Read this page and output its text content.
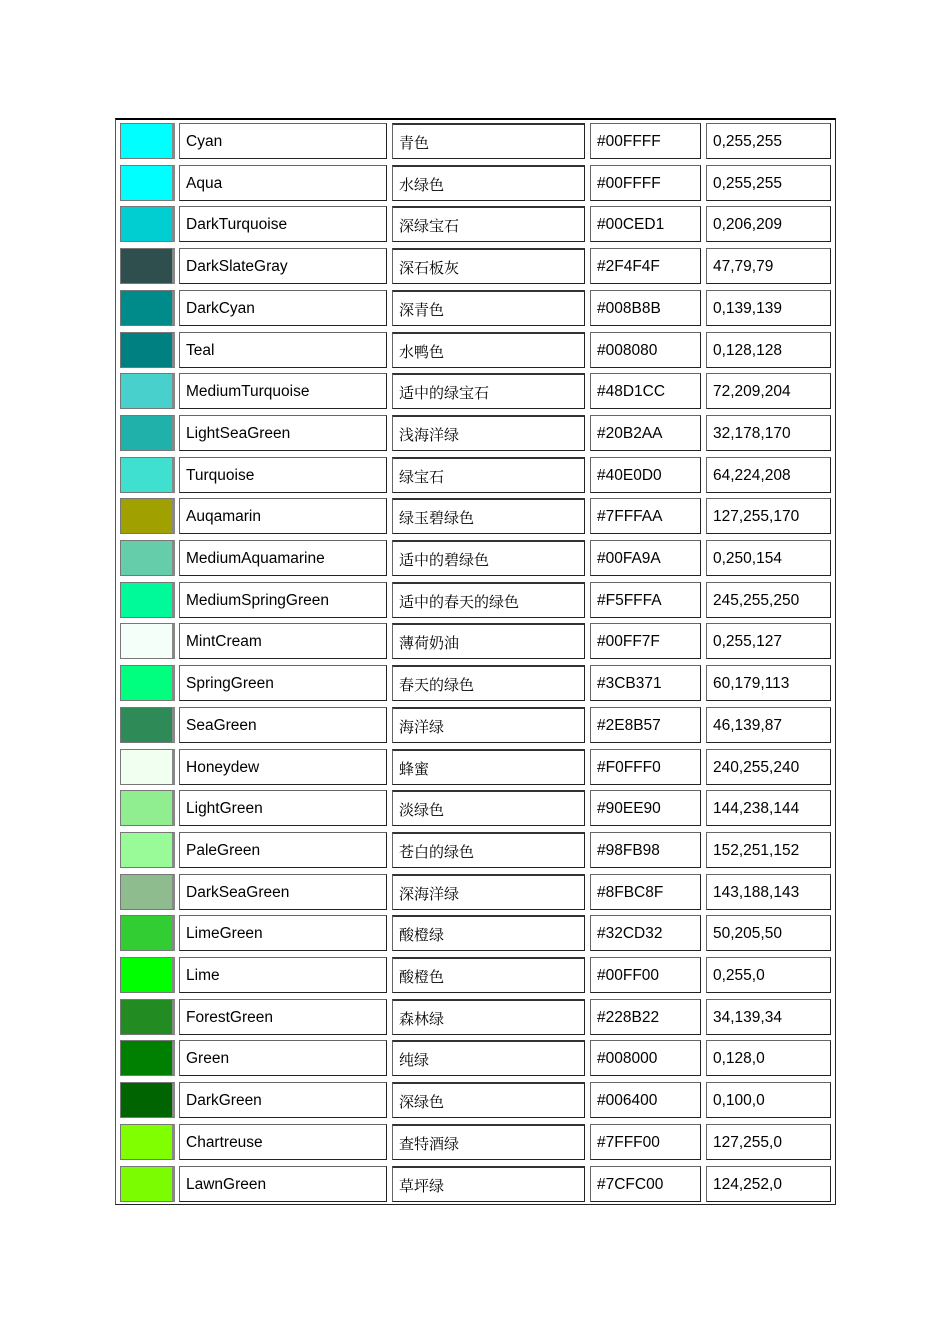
Cyan	青色	#00FFFF	0,255,255
Aqua	水绿色	#00FFFF	0,255,255
DarkTurquoise	深绿宝石	#00CED1	0,206,209
DarkSlateGray	深石板灰	#2F4F4F	47,79,79
DarkCyan	深青色	#008B8B	0,139,139
Teal	水鸭色	#008080	0,128,128
MediumTurquoise	适中的绿宝石	#48D1CC	72,209,204
LightSeaGreen	浅海洋绿	#20B2AA	32,178,170
Turquoise	绿宝石	#40E0D0	64,224,208
Auqamarin	绿玉碧绿色	#7FFFAA	127,255,170
MediumAquamarine	适中的碧绿色	#00FA9A	0,250,154
MediumSpringGreen	适中的春天的绿色	#F5FFFA	245,255,250
MintCream	薄荷奶油	#00FF7F	0,255,127
SpringGreen	春天的绿色	#3CB371	60,179,113
SeaGreen	海洋绿	#2E8B57	46,139,87
Honeydew	蜂蜜	#F0FFF0	240,255,240
LightGreen	淡绿色	#90EE90	144,238,144
PaleGreen	苍白的绿色	#98FB98	152,251,152
DarkSeaGreen	深海洋绿	#8FBC8F	143,188,143
LimeGreen	酸橙绿	#32CD32	50,205,50
Lime	酸橙色	#00FF00	0,255,0
ForestGreen	森林绿	#228B22	34,139,34
Green	纯绿	#008000	0,128,0
DarkGreen	深绿色	#006400	0,100,0
Chartreuse	查特酒绿	#7FFF00	127,255,0
LawnGreen	草坪绿	#7CFC00	124,252,0
